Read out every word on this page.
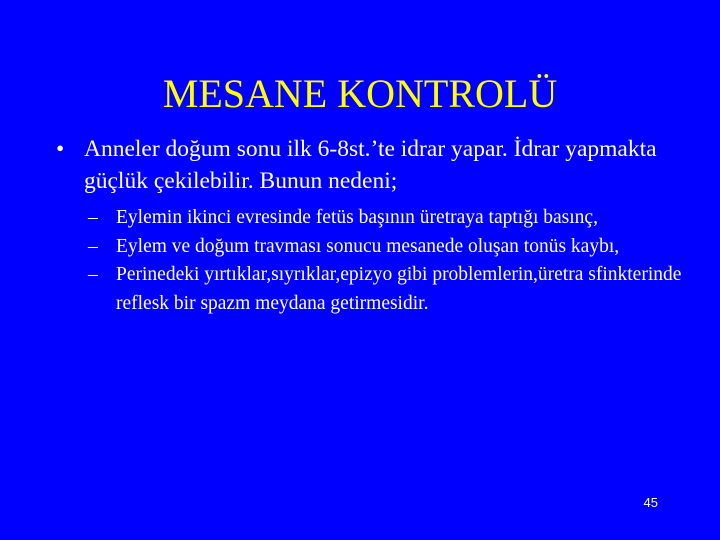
MESANE KONTROLÜ
• Anneler doğum sonu ilk 6-8st.’te idrar yapar. İdrar yapmakta güçlük çekilebilir. Bunun nedeni;
– Eylemin ikinci evresinde fetüs başının üretraya taptığı basınç,
– Eylem ve doğum travması sonucu mesanede oluşan tonüs kaybı,
– Perinedeki yırtıklar,sıyrıklar,epizyo gibi problemlerin,üretra sfinkterinde reflesk bir spazm meydana getirmesidir.
45
